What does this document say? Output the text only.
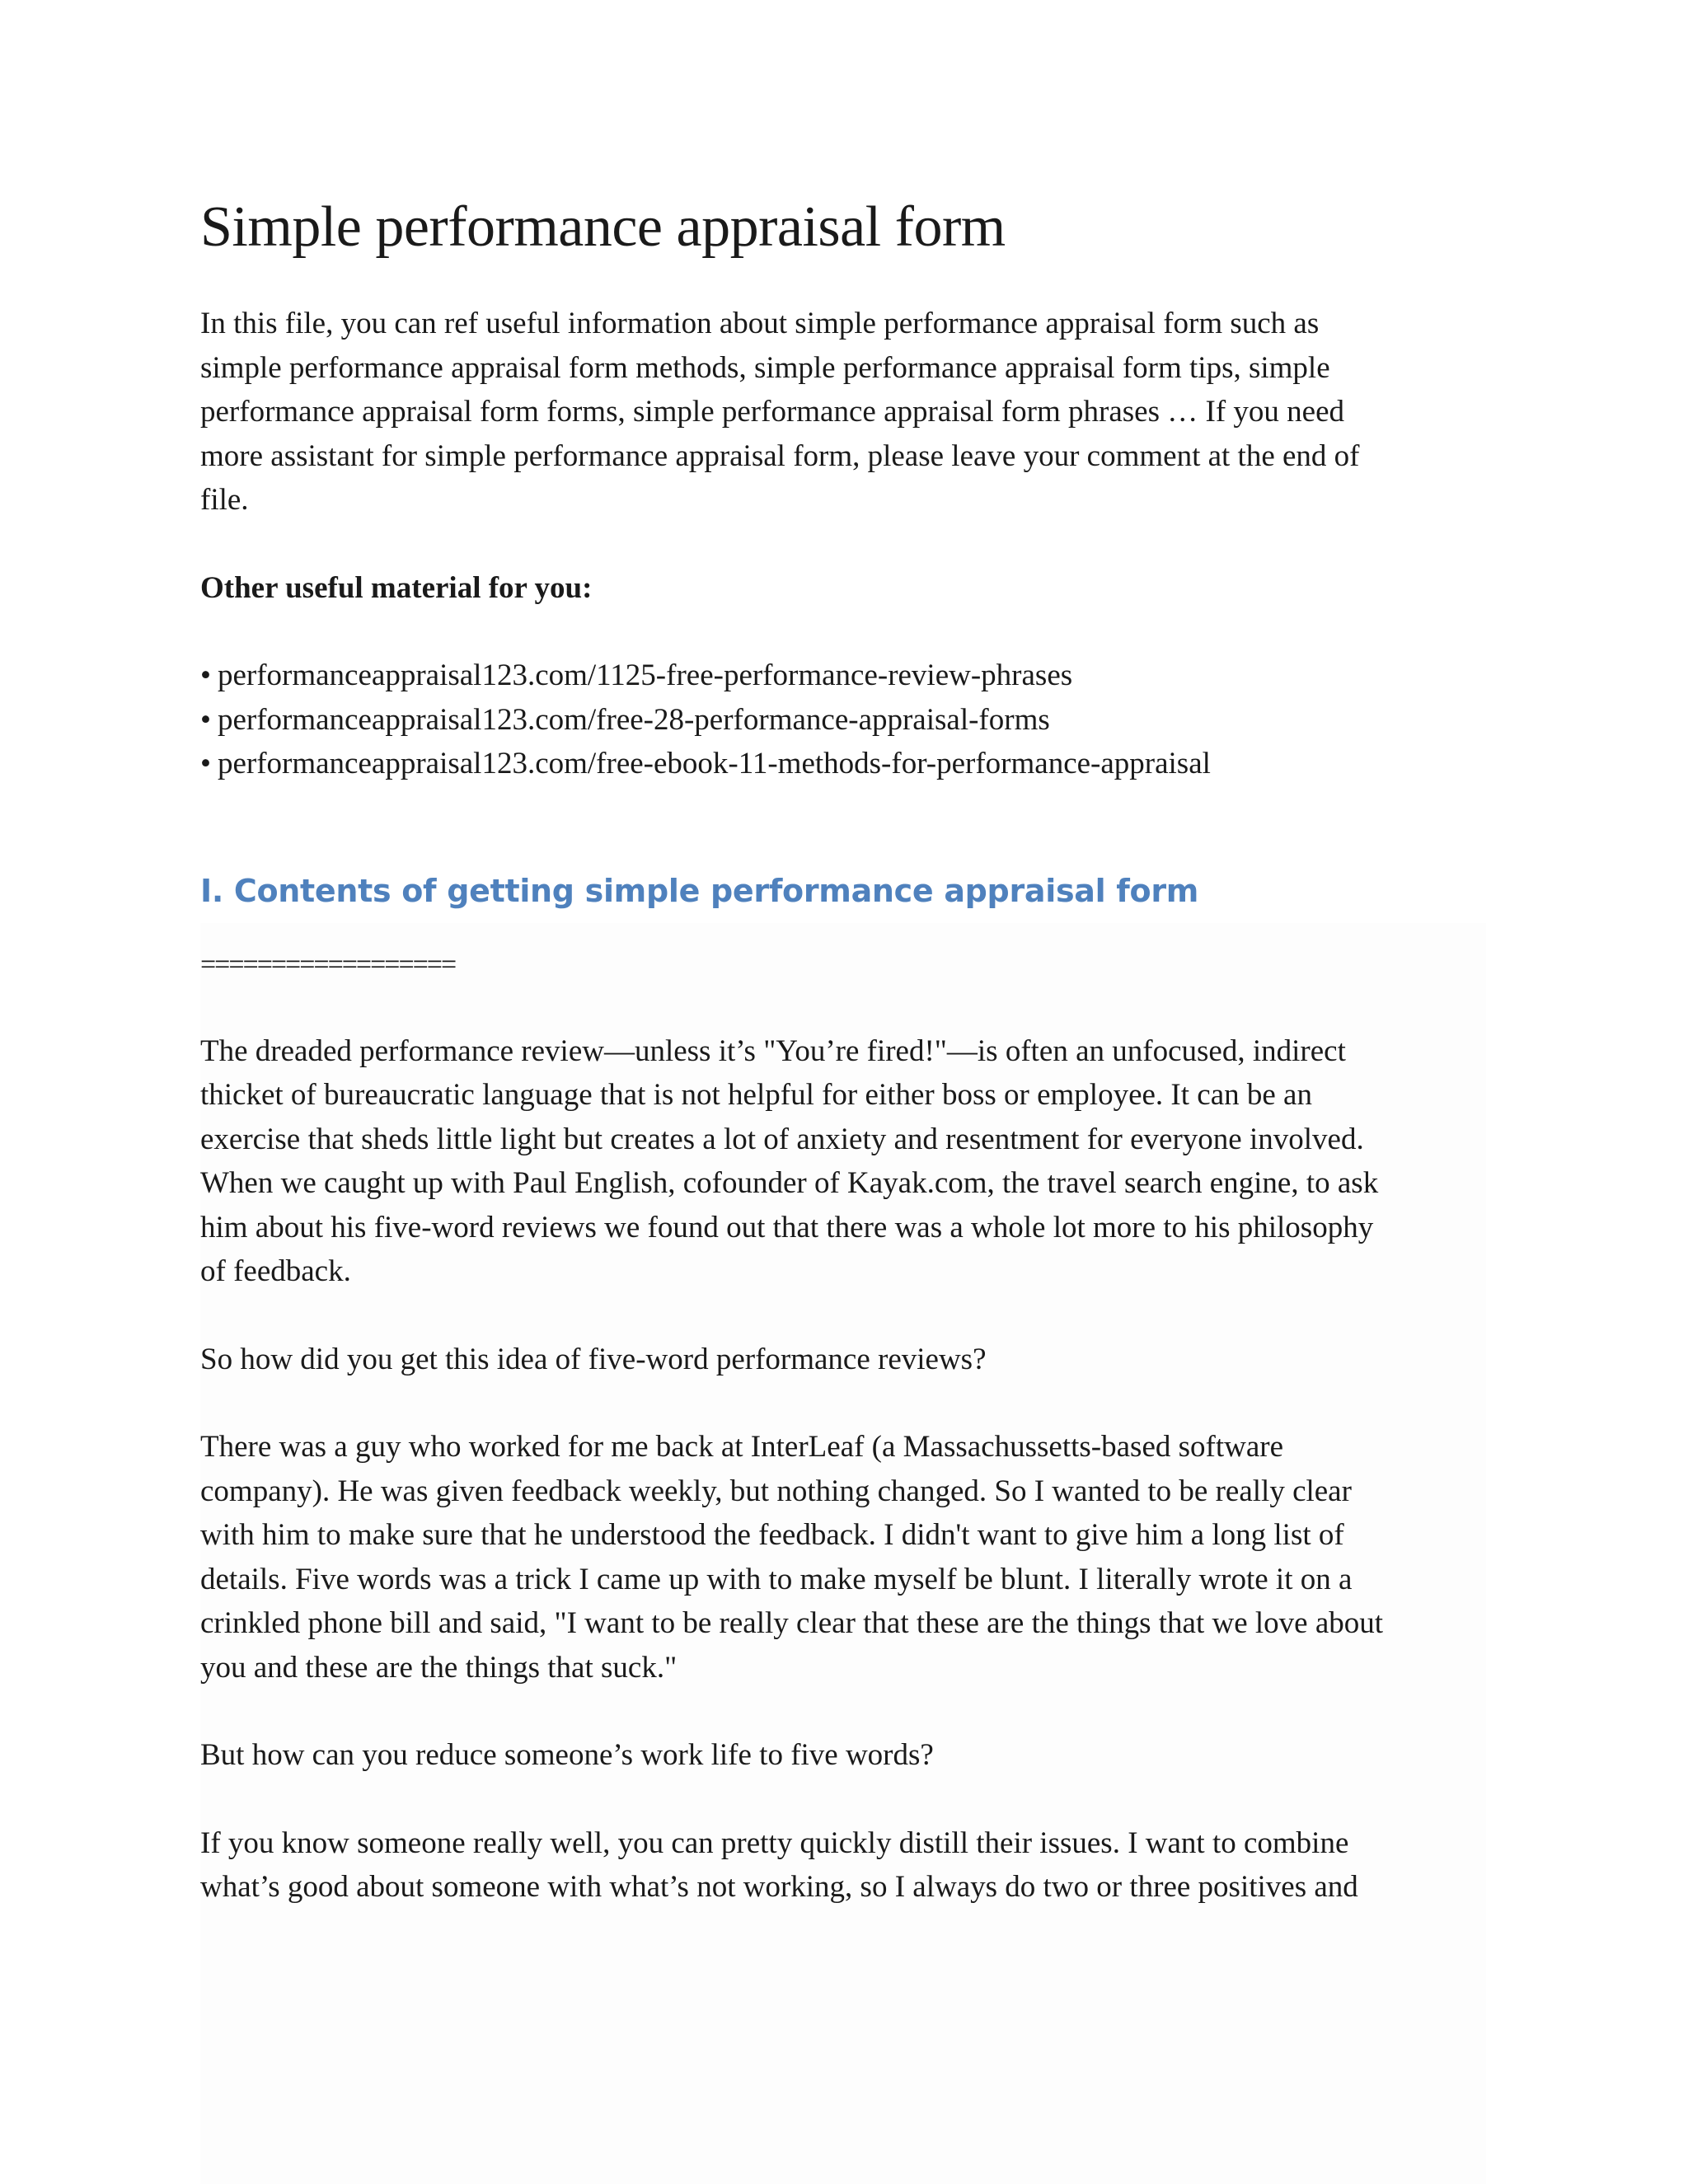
Simple performance appraisal form

In this file, you can ref useful information about simple performance appraisal form such as

simple performance appraisal form methods, simple performance appraisal form tips, simple

performance appraisal form forms, simple performance appraisal form phrases … If you need

more assistant for simple performance appraisal form, please leave your comment at the end of

file.

Other useful material for you:

• performanceappraisal123.com/1125-free-performance-review-phrases
• performanceappraisal123.com/free-28-performance-appraisal-forms
• performanceappraisal123.com/free-ebook-11-methods-for-performance-appraisal
I. Contents of getting simple performance appraisal form
==================

The dreaded performance review—unless it’s "You’re fired!"—is often an unfocused, indirect

thicket of bureaucratic language that is not helpful for either boss or employee. It can be an

exercise that sheds little light but creates a lot of anxiety and resentment for everyone involved.

When we caught up with Paul English, cofounder of Kayak.com, the travel search engine, to ask

him about his five-word reviews we found out that there was a whole lot more to his philosophy

of feedback.

So how did you get this idea of five-word performance reviews?

There was a guy who worked for me back at InterLeaf (a Massachussetts-based software

company). He was given feedback weekly, but nothing changed. So I wanted to be really clear

with him to make sure that he understood the feedback. I didn't want to give him a long list of

details. Five words was a trick I came up with to make myself be blunt. I literally wrote it on a

crinkled phone bill and said, "I want to be really clear that these are the things that we love about

you and these are the things that suck."

But how can you reduce someone’s work life to five words?

If you know someone really well, you can pretty quickly distill their issues. I want to combine

what’s good about someone with what’s not working, so I always do two or three positives and
